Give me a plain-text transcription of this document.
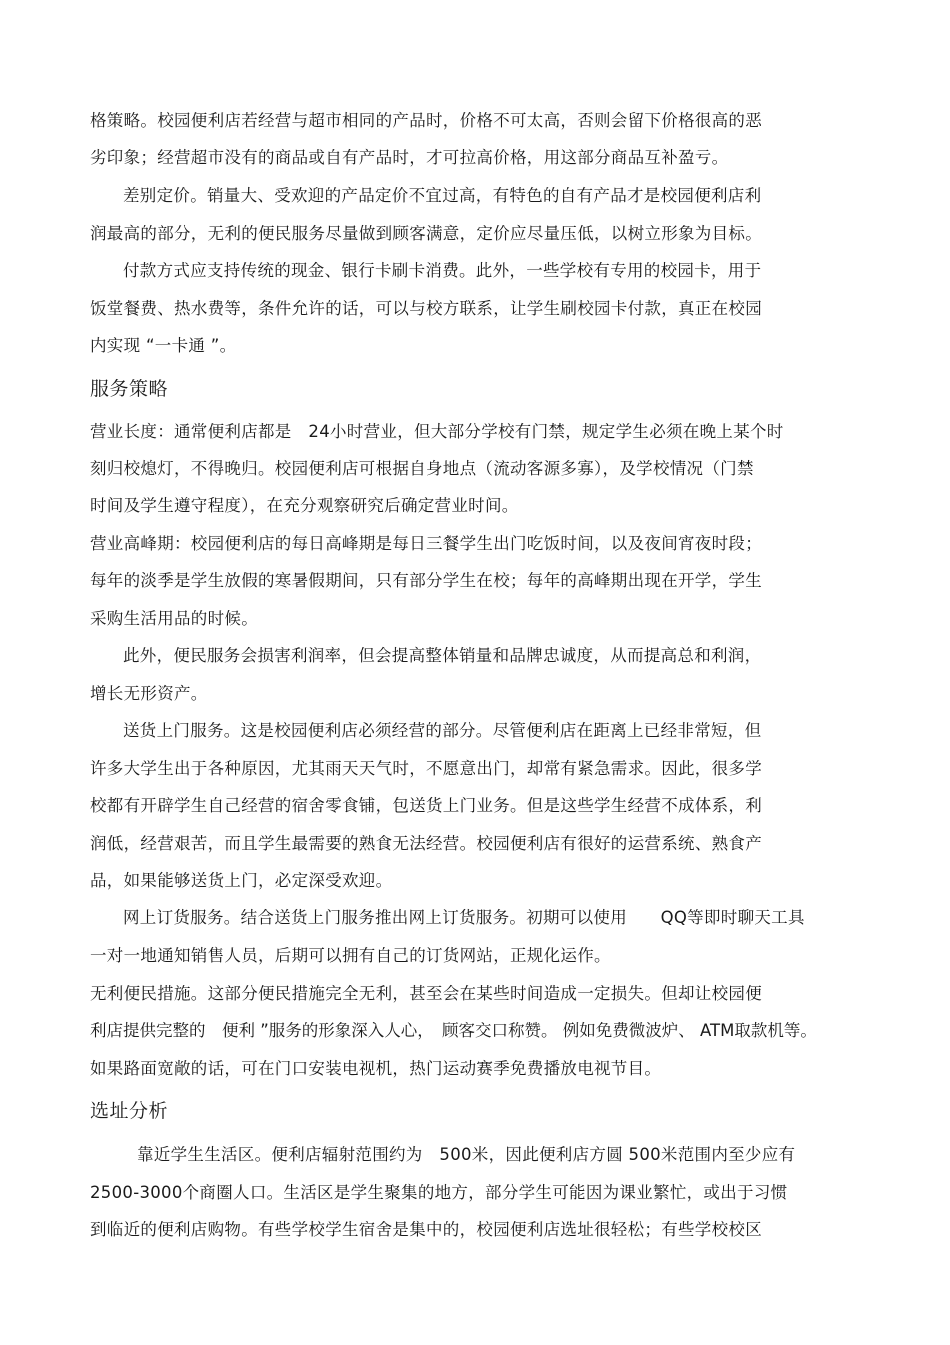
格策略。校园便利店若经营与超市相同的产品时，价格不可太高，否则会留下价格很高的恶
劣印象；经营超市没有的商品或自有产品时，才可拉高价格，用这部分商品互补盈亏。
差别定价。销量大、受欢迎的产品定价不宜过高，有特色的自有产品才是校园便利店利
润最高的部分，无利的便民服务尽量做到顾客满意，定价应尽量压低，以树立形象为目标。
付款方式应支持传统的现金、银行卡刷卡消费。此外，一些学校有专用的校园卡，用于
饭堂餐费、热水费等，条件允许的话，可以与校方联系，让学生刷校园卡付款，真正在校园
内实现 “一卡通 ”。
服务策略
营业长度：通常便利店都是　24小时营业，但大部分学校有门禁，规定学生必须在晚上某个时
刻归校熄灯，不得晚归。校园便利店可根据自身地点（流动客源多寡），及学校情况（门禁
时间及学生遵守程度），在充分观察研究后确定营业时间。
营业高峰期：校园便利店的每日高峰期是每日三餐学生出门吃饭时间，以及夜间宵夜时段；
每年的淡季是学生放假的寒暑假期间，只有部分学生在校；每年的高峰期出现在开学，学生
采购生活用品的时候。
此外，便民服务会损害利润率，但会提高整体销量和品牌忠诚度，从而提高总和利润，
增长无形资产。
送货上门服务。这是校园便利店必须经营的部分。尽管便利店在距离上已经非常短，但
许多大学生出于各种原因，尤其雨天天气时，不愿意出门，却常有紧急需求。因此，很多学
校都有开辟学生自己经营的宿舍零食铺，包送货上门业务。但是这些学生经营不成体系，利
润低，经营艰苦，而且学生最需要的熟食无法经营。校园便利店有很好的运营系统、熟食产
品，如果能够送货上门，必定深受欢迎。
网上订货服务。结合送货上门服务推出网上订货服务。初期可以使用　　QQ等即时聊天工具
一对一地通知销售人员，后期可以拥有自己的订货网站，正规化运作。
无利便民措施。这部分便民措施完全无利，甚至会在某些时间造成一定损失。但却让校园便
利店提供完整的　便利 ”服务的形象深入人心，　顾客交口称赞。 例如免费微波炉、 ATM取款机等。
如果路面宽敞的话，可在门口安装电视机，热门运动赛季免费播放电视节目。
选址分析
靠近学生生活区。便利店辐射范围约为　500米，因此便利店方圆 500米范围内至少应有
2500-3000个商圈人口。生活区是学生聚集的地方，部分学生可能因为课业繁忙，或出于习惯
到临近的便利店购物。有些学校学生宿舍是集中的，校园便利店选址很轻松；有些学校校区
